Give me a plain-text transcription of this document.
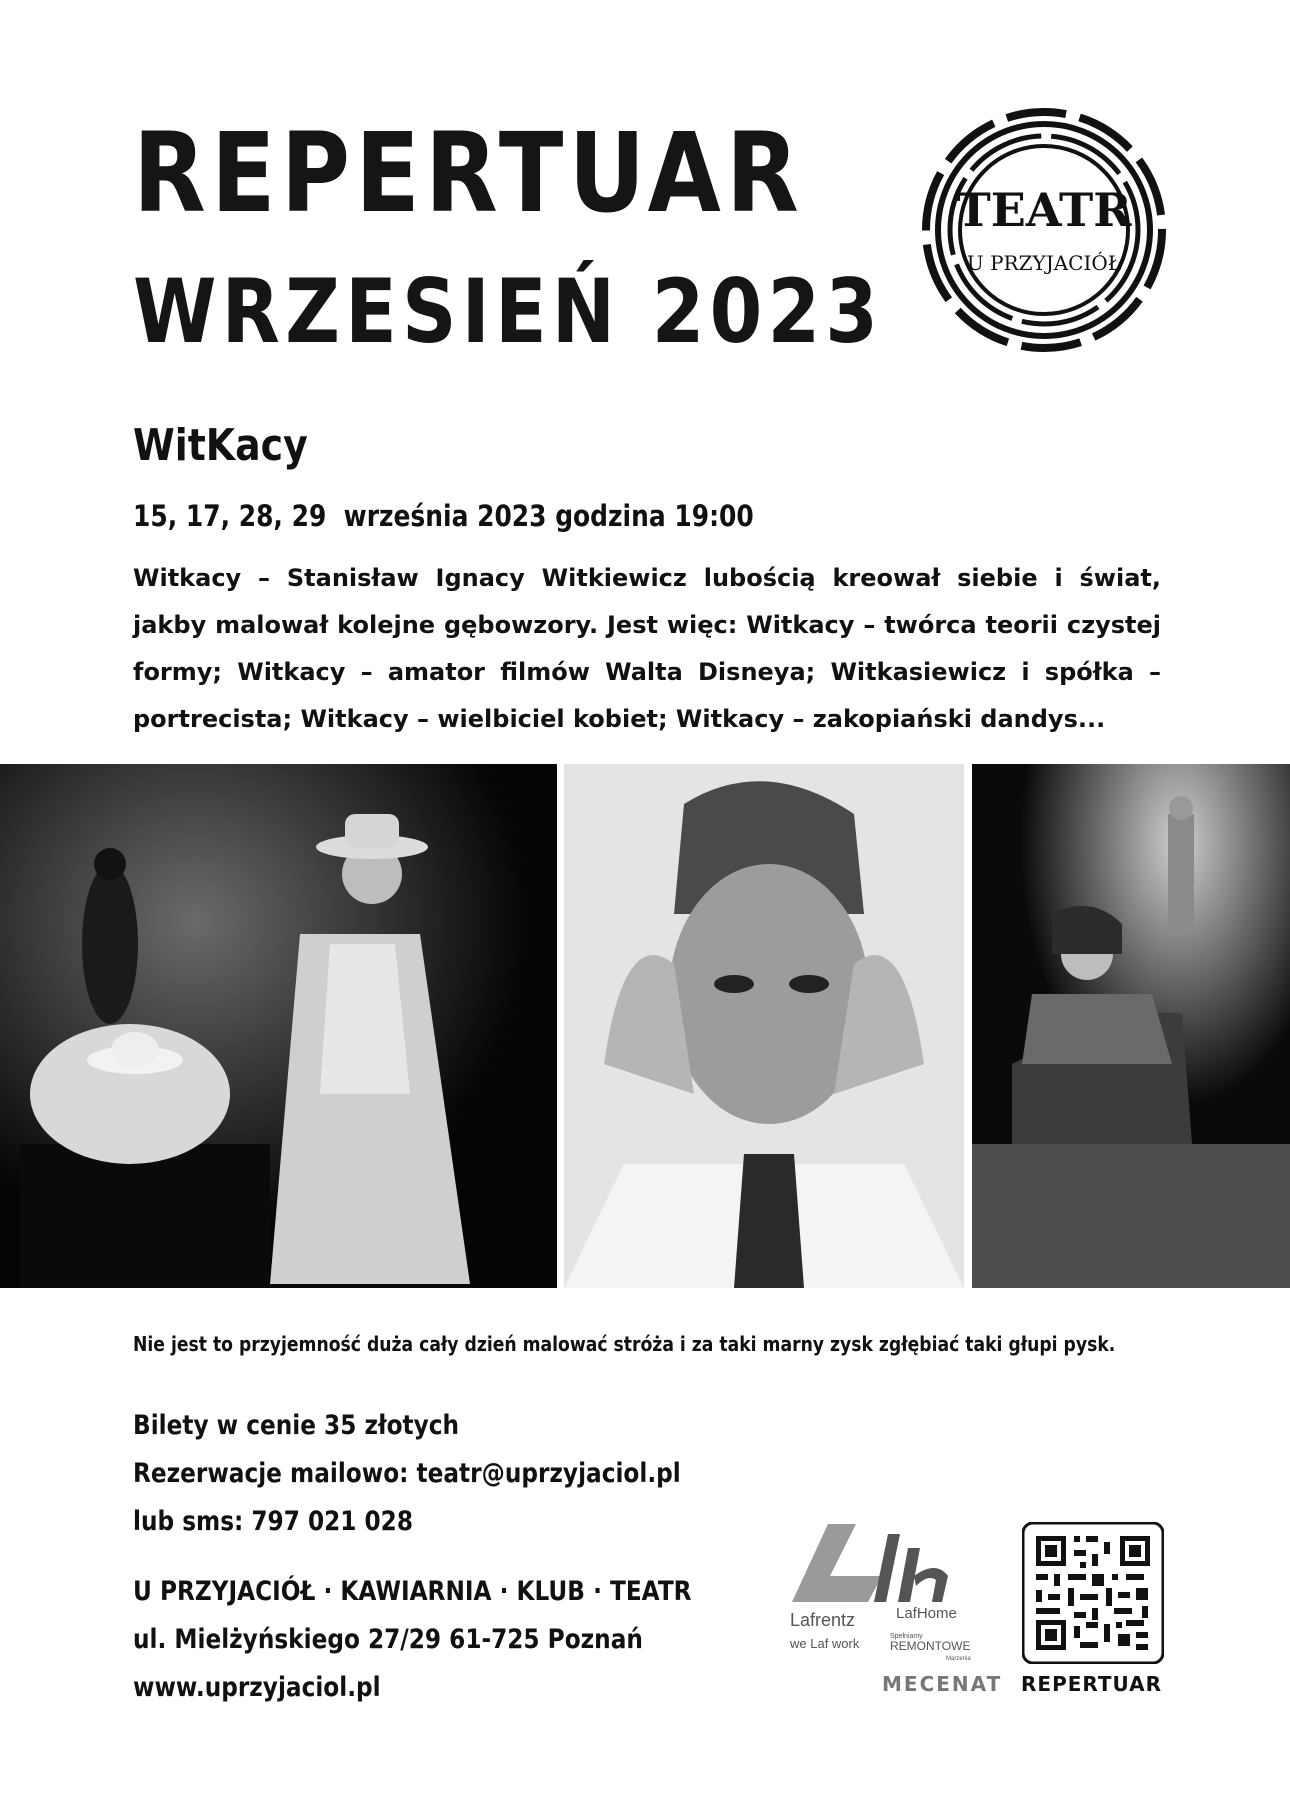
REPERTUAR
WRZESIEŃ 2023
TEATR
U PRZYJACIÓŁ
WitKacy

15, 17, 28, 29  września 2023 godzina 19:00

Witkacy – Stanisław Ignacy Witkiewicz lubością kreował siebie i świat, jakby malował kolejne gębowzory. Jest więc: Witkacy – twórca teorii czystej formy; Witkacy – amator filmów Walta Disneya; Witkasiewicz i spółka – portrecista; Witkacy – wielbiciel kobiet; Witkacy – zakopiański dandys...

Nie jest to przyjemność duża cały dzień malować stróża i za taki marny zysk zgłębiać taki głupi pysk.

Bilety w cenie 35 złotych
Rezerwacje mailowo: teatr@uprzyjaciol.pl
lub sms: 797 021 028
U PRZYJACIÓŁ · KAWIARNIA · KLUB · TEATR
ul. Mielżyńskiego 27/29 61-725 Poznań
www.uprzyjaciol.pl
Lafrentz
we Laf work
LafHome
Spełniamy
REMONTOWE
Marzenia
MECENAT REPERTUAR
